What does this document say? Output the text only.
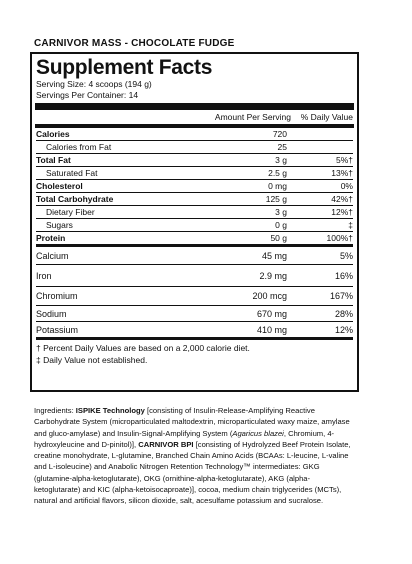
CARNIVOR MASS - CHOCOLATE FUDGE
Supplement Facts
Serving Size: 4 scoops (194 g)
Servings Per Container: 14
Amount Per Serving	% Daily Value
Calories	720
Calories from Fat	25
Total Fat	3 g	5%†
Saturated Fat	2.5 g	13%†
Cholesterol	0 mg	0%
Total Carbohydrate	125 g	42%†
Dietary Fiber	3 g	12%†
Sugars	0 g	‡
Protein	50 g	100%†
Calcium	45 mg	5%
Iron	2.9 mg	16%
Chromium	200 mcg	167%
Sodium	670 mg	28%
Potassium	410 mg	12%
† Percent Daily Values are based on a 2,000 calorie diet.
‡ Daily Value not established.
Ingredients: ISPIKE Technology [consisting of Insulin-Release-Amplifying Reactive Carbohydrate System (microparticulated maltodextrin, microparticulated waxy maize, amylase and gluco-amylase) and Insulin-Signal-Amplifying System (Agaricus blazei, Chromium, 4-hydroxyleucine and D-pinitol)], CARNIVOR BPI [consisting of Hydrolyzed Beef Protein Isolate, creatine monohydrate, L-glutamine, Branched Chain Amino Acids (BCAAs: L-leucine, L-valine and L-isoleucine) and Anabolic Nitrogen Retention Technology™ intermediates: GKG (glutamine-alpha-ketoglutarate), OKG (ornithine-alpha-ketoglutarate), AKG (alpha-ketoglutarate) and KIC (alpha-ketoisocaproate)], cocoa, medium chain triglycerides (MCTs), natural and artificial flavors, silicon dioxide, salt, acesulfame potassium and sucralose.
